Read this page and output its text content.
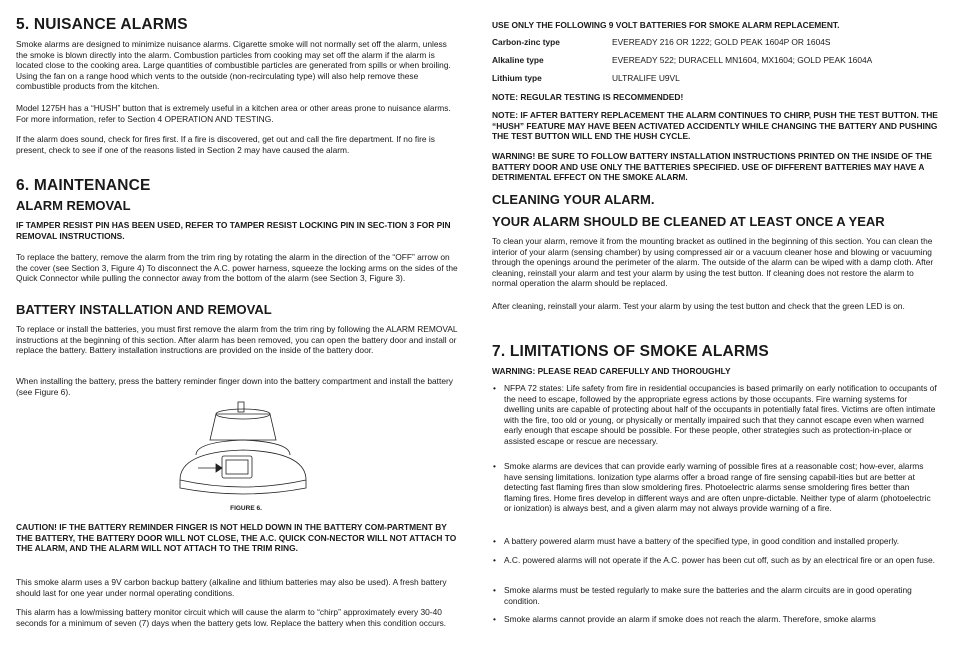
5. NUISANCE ALARMS

Smoke alarms are designed to minimize nuisance alarms. Cigarette smoke will not normally set off the alarm, unless the smoke is blown directly into the alarm. Combustion particles from cooking may set off the alarm if the alarm is located close to the cooking area. Large quantities of combustible particles are generated from spills or when broiling. Using the fan on a range hood which vents to the outside (non-recirculating type) will also help remove these combustible products from the kitchen.

Model 1275H has a “HUSH” button that is extremely useful in a kitchen area or other areas prone to nuisance alarms. For more information, refer to Section 4 OPERATION AND TESTING.

If the alarm does sound, check for fires first. If a fire is discovered, get out and call the fire department. If no fire is present, check to see if one of the reasons listed in Section 2 may have caused the alarm.

6. MAINTENANCE
ALARM REMOVAL

IF TAMPER RESIST PIN HAS BEEN USED, REFER TO TAMPER RESIST LOCKING PIN IN SEC-TION 3 FOR PIN REMOVAL INSTRUCTIONS.

To replace the battery, remove the alarm from the trim ring by rotating the alarm in the direction of the “OFF” arrow on the cover (see Section 3, Figure 4) To disconnect the A.C. power harness, squeeze the locking arms on the sides of the Quick Connector while pulling the connector away from the bottom of the alarm (see Section 3, Figure 3).

BATTERY INSTALLATION AND REMOVAL

To replace or install the batteries, you must first remove the alarm from the trim ring by following the ALARM REMOVAL instructions at the beginning of this section. After alarm has been removed, you can open the battery door and install or replace the battery. Battery installation instructions are provided on the inside of the battery door.

When installing the battery, press the battery reminder finger down into the battery compartment and install the battery (see Figure 6).

FIGURE 6.

CAUTION! IF THE BATTERY REMINDER FINGER IS NOT HELD DOWN IN THE BATTERY COM-PARTMENT BY THE BATTERY, THE BATTERY DOOR WILL NOT CLOSE, THE A.C. QUICK CON-NECTOR WILL NOT ATTACH TO THE ALARM, AND THE ALARM WILL NOT ATTACH TO THE TRIM RING.

This smoke alarm uses a 9V carbon backup battery (alkaline and lithium batteries may also be used). A fresh battery should last for one year under normal operating conditions.

This alarm has a low/missing battery monitor circuit which will cause the alarm to “chirp” approximately every 30-40 seconds for a minimum of seven (7) days when the battery gets low. Replace the battery when this condition occurs.

USE ONLY THE FOLLOWING 9 VOLT BATTERIES FOR SMOKE ALARM REPLACEMENT.

Carbon-zinc type	EVEREADY 216 OR 1222; GOLD PEAK 1604P OR 1604S
Alkaline type	EVEREADY 522; DURACELL MN1604, MX1604; GOLD PEAK 1604A
Lithium type	ULTRALIFE U9VL

NOTE: REGULAR TESTING IS RECOMMENDED!

NOTE: IF AFTER BATTERY REPLACEMENT THE ALARM CONTINUES TO CHIRP, PUSH THE TEST BUTTON. THE “HUSH” FEATURE MAY HAVE BEEN ACTIVATED ACCIDENTLY WHILE CHANGING THE BATTERY AND PUSHING THE TEST BUTTON WILL END THE HUSH CYCLE.

WARNING! BE SURE TO FOLLOW BATTERY INSTALLATION INSTRUCTIONS PRINTED ON THE INSIDE OF THE BATTERY DOOR AND USE ONLY THE BATTERIES SPECIFIED. USE OF DIFFERENT BATTERIES MAY HAVE A DETRIMENTAL EFFECT ON THE SMOKE ALARM.

CLEANING YOUR ALARM.
YOUR ALARM SHOULD BE CLEANED AT LEAST ONCE A YEAR

To clean your alarm, remove it from the mounting bracket as outlined in the beginning of this section. You can clean the interior of your alarm (sensing chamber) by using compressed air or a vacuum cleaner hose and blowing or vacuuming through the openings around the perimeter of the alarm. The outside of the alarm can be wiped with a damp cloth. After cleaning, reinstall your alarm and test your alarm by using the test button. If cleaning does not restore the alarm to normal operation the alarm should be replaced.

After cleaning, reinstall your alarm. Test your alarm by using the test button and check that the green LED is on.

7. LIMITATIONS OF SMOKE ALARMS

WARNING: PLEASE READ CAREFULLY AND THOROUGHLY

• NFPA 72 states: Life safety from fire in residential occupancies is based primarily on early notification to occupants of the need to escape, followed by the appropriate egress actions by those occupants. Fire warning systems for dwelling units are capable of protecting about half of the occupants in potentially fatal fires. Victims are often intimate with the fire, too old or young, or physically or mentally impaired such that they cannot escape even when warned early enough that escape should be possible. For these people, other strategies such as protection-in-place or assisted escape or rescue are necessary.
• Smoke alarms are devices that can provide early warning of possible fires at a reasonable cost; how-ever, alarms have sensing limitations. Ionization type alarms offer a broad range of fire sensing capabil-ities but are better at detecting fast flaming fires than slow smoldering fires. Photoelectric alarms sense smoldering fires better than flaming fires. Home fires develop in different ways and are often unpre-dictable. Neither type of alarm (photoelectric or ionization) is always best, and a given alarm may not always provide warning of a fire.
• A battery powered alarm must have a battery of the specified type, in good condition and installed properly.
• A.C. powered alarms will not operate if the A.C. power has been cut off, such as by an electrical fire or an open fuse.
• Smoke alarms must be tested regularly to make sure the batteries and the alarm circuits are in good operating condition.
• Smoke alarms cannot provide an alarm if smoke does not reach the alarm. Therefore, smoke alarms
